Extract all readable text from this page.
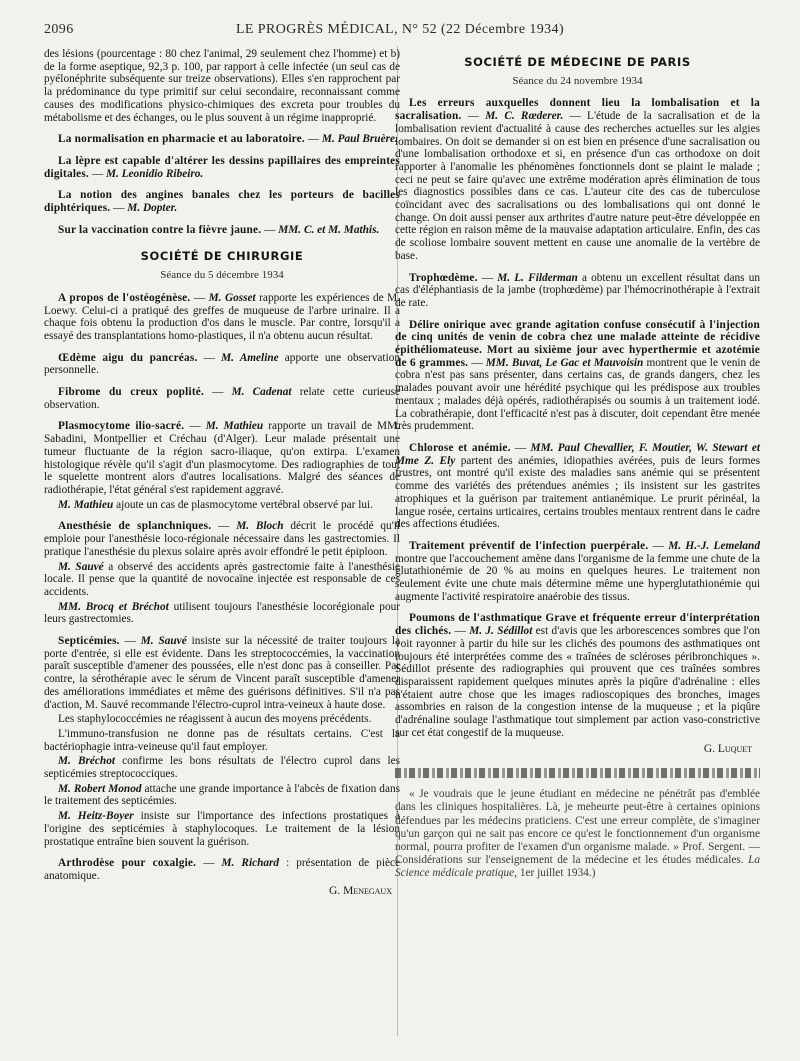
2096	LE PROGRÈS MÉDICAL, N° 52 (22 Décembre 1934)

des lésions (pourcentage : 80 chez l'animal, 29 seulement chez l'homme) et b) de la forme aseptique, 92,3 p. 100, par rapport à celle infectée (un seul cas de pyélonéphrite subséquente sur treize observations). Elles s'en rapprochent par la prédominance du type primitif sur celui secondaire, reconnaissant comme causes des modifications physico-chimiques des excreta pour troubles du métabolisme et des échanges, ou le plus souvent à un régime inapproprié.

La normalisation en pharmacie et au laboratoire. — M. Paul Bruère.

La lèpre est capable d'altérer les dessins papillaires des empreintes digitales. — M. Leonidio Ribeiro.

La notion des angines banales chez les porteurs de bacilles diphtériques. — M. Dopter.

Sur la vaccination contre la fièvre jaune. — MM. C. et M. Mathis.

SOCIÉTÉ DE CHIRURGIE
Séance du 5 décembre 1934

A propos de l'ostéogénèse. — M. Gosset rapporte les expériences de M. Loewy. Celui-ci a pratiqué des greffes de muqueuse de l'arbre urinaire. Il a chaque fois obtenu la production d'os dans le muscle. Par contre, lorsqu'il a essayé des transplantations homo-plastiques, il n'a obtenu aucun résultat.

Œdème aigu du pancréas. — M. Ameline apporte une observation personnelle.

Fibrome du creux poplité. — M. Cadenat relate cette curieuse observation.

Plasmocytome ilio-sacré. — M. Mathieu rapporte un travail de MM. Sabadini, Montpellier et Créchau (d'Alger). Leur malade présentait une tumeur fluctuante de la région sacro-iliaque, qu'on extirpa. L'examen histologique révèle qu'il s'agit d'un plasmocytome. Des radiographies de tout le squelette montrent alors d'autres localisations. Malgré des séances de radiothérapie, l'état général s'est rapidement aggravé.

M. Mathieu ajoute un cas de plasmocytome vertébral observé par lui.

Anesthésie de splanchniques. — M. Bloch décrit le procédé qu'il emploie pour l'anesthésie loco-régionale nécessaire dans les gastrectomies. Il pratique l'anesthésie du plexus solaire après avoir effondré le petit épiploon.

M. Sauvé a observé des accidents après gastrectomie faite à l'anesthésie locale. Il pense que la quantité de novocaïne injectée est responsable de ces accidents.

MM. Brocq et Bréchot utilisent toujours l'anesthésie locorégionale pour leurs gastrectomies.

Septicémies. — M. Sauvé insiste sur la nécessité de traiter toujours la porte d'entrée, si elle est évidente. Dans les streptococcémies, la vaccination paraît susceptible d'amener des poussées, elle n'est donc pas à conseiller. Par contre, la sérothérapie avec le sérum de Vincent paraît susceptible d'amener des améliorations immédiates et même des guérisons définitives. S'il n'a pas d'action, M. Sauvé recommande l'électro-cuprol intra-veineux à haute dose.

Les staphylococcémies ne réagissent à aucun des moyens précédents.

L'immuno-transfusion ne donne pas de résultats certains. C'est la bactériophagie intra-veineuse qu'il faut employer.

M. Bréchot confirme les bons résultats de l'électro cuprol dans les septicémies streptococciques.

M. Robert Monod attache une grande importance à l'abcès de fixation dans le traitement des septicémies.

M. Heitz-Boyer insiste sur l'importance des infections prostatiques à l'origine des septicémies à staphylocoques. Le traitement de la lésion prostatique entraîne bien souvent la guérison.

Arthrodèse pour coxalgie. — M. Richard : présentation de pièce anatomique.

G. Menegaux
SOCIÉTÉ DE MÉDECINE DE PARIS
Séance du 24 novembre 1934

Les erreurs auxquelles donnent lieu la lombalisation et la sacralisation. — M. C. Rœderer. — L'étude de la sacralisation et de la lombalisation revient d'actualité à cause des recherches actuelles sur les algies lombaires. On doit se demander si on est bien en présence d'une sacralisation ou d'une lombalisation orthodoxe et si, en présence d'un cas orthodoxe on doit rapporter à l'anomalie les phénomènes fonctionnels dont se plaint le malade ; ceci ne peut se faire qu'avec une extrême modération après élimination de tous les diagnostics possibles dans ce cas. L'auteur cite des cas de tuberculose coïncidant avec des sacralisations ou des lombalisations qui ont donné le change. On doit aussi penser aux arthrites d'autre nature peut-être développée en cette région en raison même de la mauvaise adaptation articulaire. Enfin, des cas de scoliose lombaire souvent mettent en cause une anomalie de la vertèbre de base.

Trophœdème. — M. L. Filderman a obtenu un excellent résultat dans un cas d'éléphantiasis de la jambe (trophœdème) par l'hémocrinothérapie à l'extrait de rate.

Délire onirique avec grande agitation confuse consécutif à l'injection de cinq unités de venin de cobra chez une malade atteinte de récidive épithéliomateuse. Mort au sixième jour avec hyperthermie et azotémie de 6 grammes. — MM. Buvat, Le Gac et Mauvoisin montrent que le venin de cobra n'est pas sans présenter, dans certains cas, de grands dangers, chez les malades pouvant avoir une hérédité psychique qui les prédispose aux troubles mentaux ; malades déjà opérés, radiothérapisés ou soumis à un traitement iodé. La cobrathérapie, dont l'efficacité n'est pas à discuter, doit cependant être menée très prudemment.

Chlorose et anémie. — MM. Paul Chevallier, F. Moutier, W. Stewart et Mme Z. Ely partent des anémies, idiopathies avérées, puis de leurs formes frustres, ont montré qu'il existe des maladies sans anémie qui se présentent comme des variétés des prétendues anémies ; ils insistent sur les gastrites atrophiques et la guérison par traitement antianémique. Le prurit périnéal, la langue rosée, certains urticaires, certains troubles mentaux rentrent dans le cadre des affections étudiées.

Traitement préventif de l'infection puerpérale. — M. H.-J. Lemeland montre que l'accouchement amène dans l'organisme de la femme une chute de la glutathionémie de 20 % au moins en quelques heures. Le traitement non seulement évite une chute mais détermine même une hyperglutathionémie qui augmente l'activité respiratoire anaérobie des tissus.

Poumons de l'asthmatique Grave et fréquente erreur d'interprétation des clichés. — M. J. Sédillot est d'avis que les arborescences sombres que l'on voit rayonner à partir du hile sur les clichés des poumons des asthmatiques ont toujours été interprétées comme des « traînées de scléroses péribronchiques ». Sédillot présente des radiographies qui prouvent que ces traînées sombres disparaissent rapidement quelques minutes après la piqûre d'adrénaline : elles n'étaient autre chose que les images radioscopiques des bronches, images assombries en raison de la congestion intense de la muqueuse ; et la piqûre d'adrénaline soulage l'asthmatique tout simplement par action vaso-constrictive sur cet état congestif de la muqueuse.

G. Luquet

« Je voudrais que le jeune étudiant en médecine ne pénétrât pas d'emblée dans les cliniques hospitalières. Là, je meheurte peut-être à certaines opinions défendues par les médecins praticiens. C'est une erreur complète, de s'imaginer qu'un garçon qui ne sait pas encore ce qu'est le fonctionnement d'un organisme normal, pourra profiter de l'examen d'un organisme malade. » Prof. Sergent. — Considérations sur l'enseignement de la médecine et les études médicales. La Science médicale pratique, 1er juillet 1934.)
